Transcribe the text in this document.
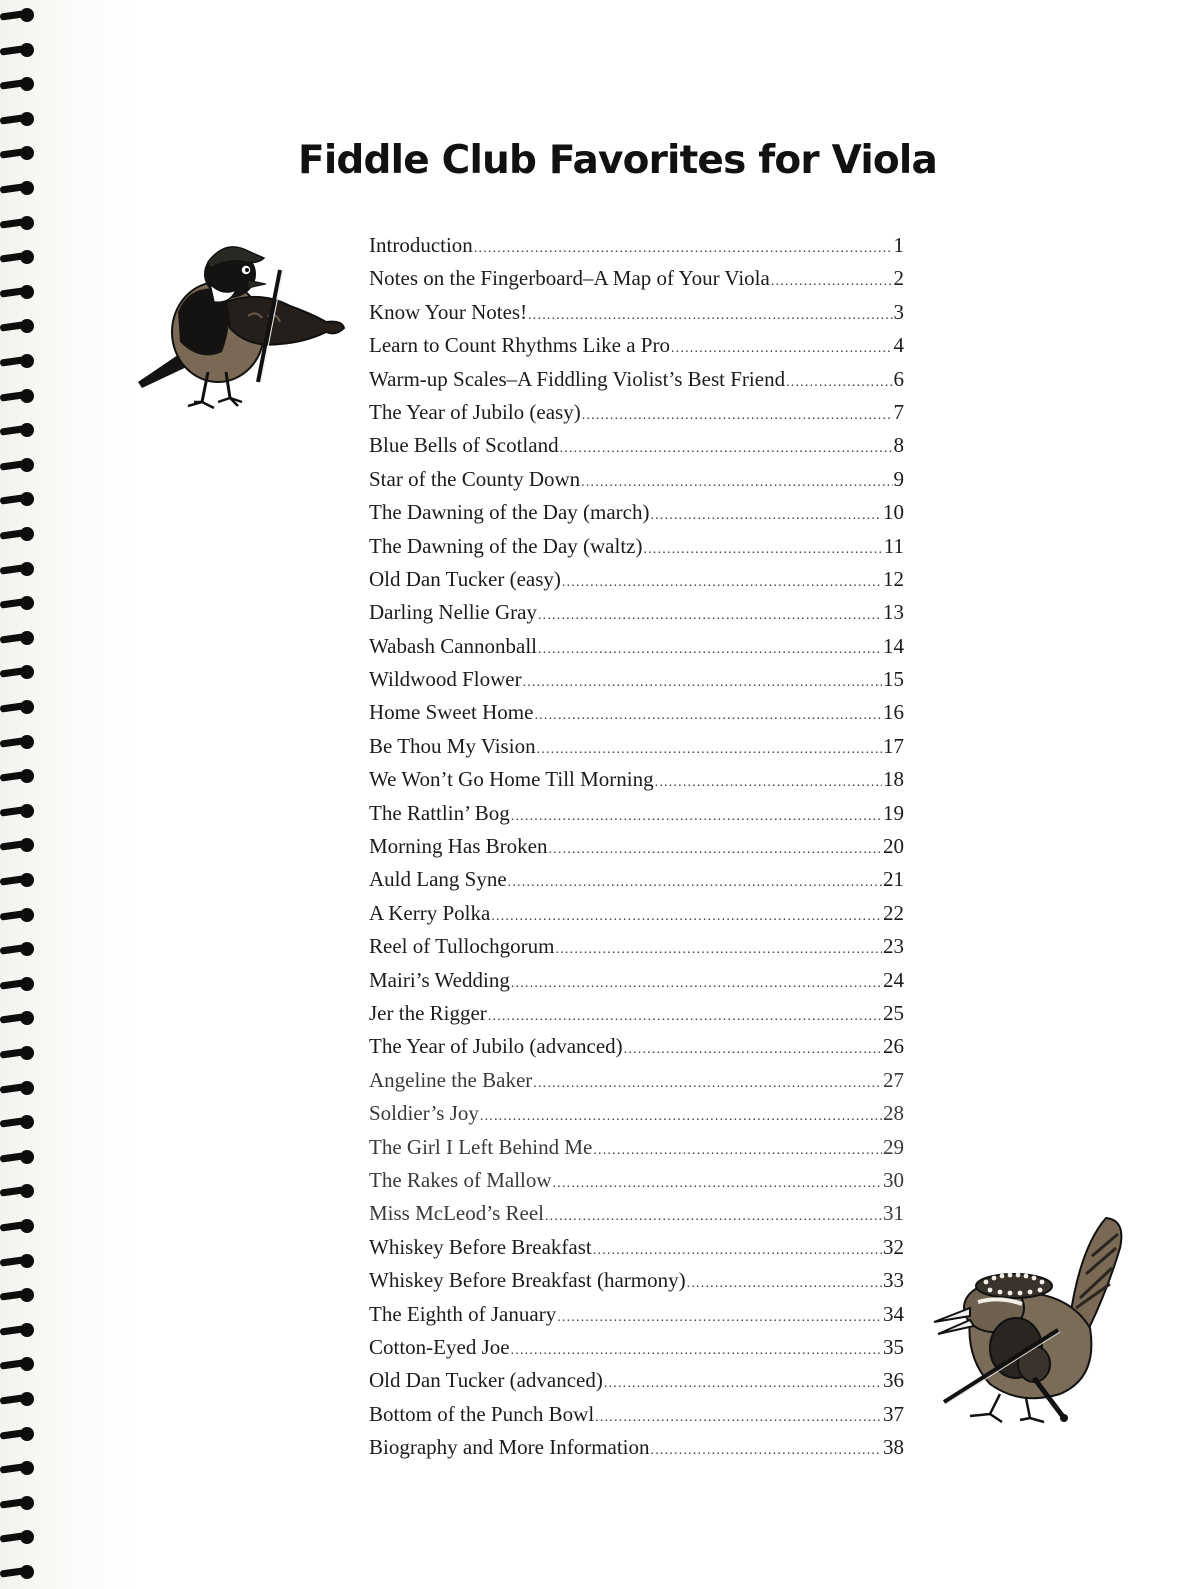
Fiddle Club Favorites for Viola
Introduction .....	1
Notes on the Fingerboard–A Map of Your Viola .....	2
Know Your Notes! .....	3
Learn to Count Rhythms Like a Pro .....	4
Warm-up Scales–A Fiddling Violist’s Best Friend .....	6
The Year of Jubilo (easy) .....	7
Blue Bells of Scotland .....	8
Star of the County Down .....	9
The Dawning of the Day (march) .....	10
The Dawning of the Day (waltz) .....	11
Old Dan Tucker (easy) .....	12
Darling Nellie Gray .....	13
Wabash Cannonball .....	14
Wildwood Flower .....	15
Home Sweet Home .....	16
Be Thou My Vision .....	17
We Won’t Go Home Till Morning .....	18
The Rattlin’ Bog .....	19
Morning Has Broken .....	20
Auld Lang Syne .....	21
A Kerry Polka .....	22
Reel of Tullochgorum .....	23
Mairi’s Wedding .....	24
Jer the Rigger .....	25
The Year of Jubilo (advanced) .....	26
Angeline the Baker .....	27
Soldier’s Joy .....	28
The Girl I Left Behind Me .....	29
The Rakes of Mallow .....	30
Miss McLeod’s Reel .....	31
Whiskey Before Breakfast .....	32
Whiskey Before Breakfast (harmony) .....	33
The Eighth of January .....	34
Cotton-Eyed Joe .....	35
Old Dan Tucker (advanced) .....	36
Bottom of the Punch Bowl .....	37
Biography and More Information .....	38
